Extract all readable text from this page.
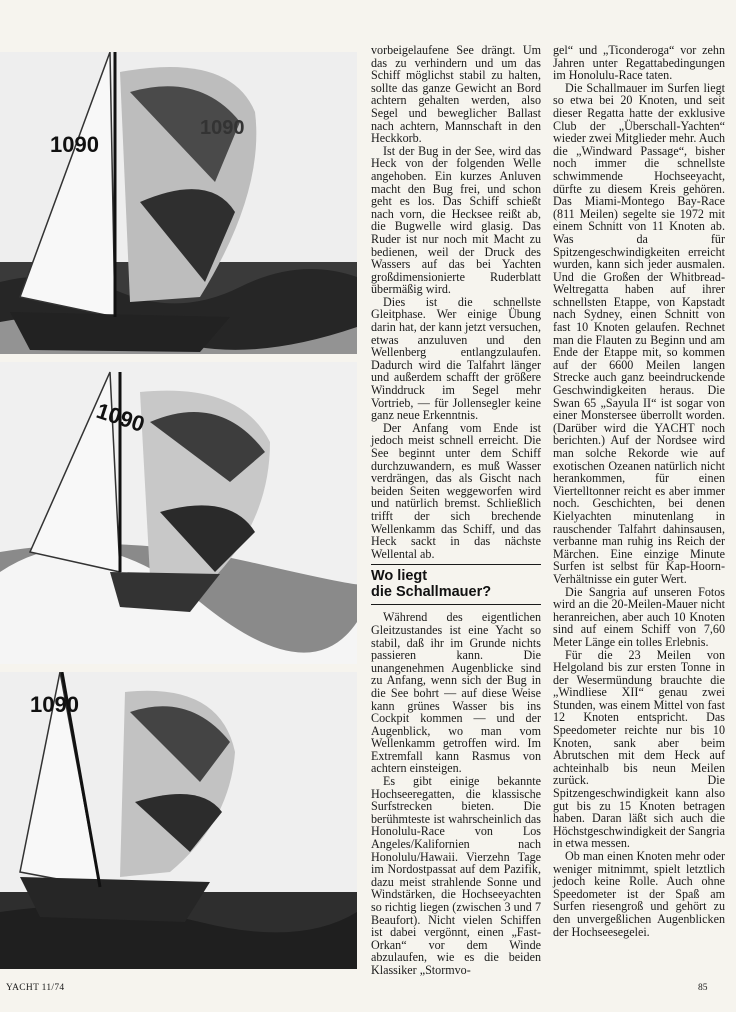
1090
1090
1090
1090

vorbeigelaufene See drängt. Um das zu verhindern und um das Schiff möglichst stabil zu halten, sollte das ganze Gewicht an Bord achtern gehalten werden, also Segel und beweglicher Ballast nach achtern, Mannschaft in den Heckkorb.

Ist der Bug in der See, wird das Heck von der folgenden Welle angehoben. Ein kurzes Anluven macht den Bug frei, und schon geht es los. Das Schiff schießt nach vorn, die Hecksee reißt ab, die Bugwelle wird glasig. Das Ruder ist nur noch mit Macht zu bedienen, weil der Druck des Wassers auf das bei Yachten großdimensionierte Ruderblatt übermäßig wird.

Dies ist die schnellste Gleitphase. Wer einige Übung darin hat, der kann jetzt versuchen, etwas anzuluven und den Wellenberg entlangzulaufen. Dadurch wird die Talfahrt länger und außerdem schafft der größere Winddruck im Segel mehr Vortrieb, — für Jollensegler keine ganz neue Erkenntnis.

Der Anfang vom Ende ist jedoch meist schnell erreicht. Die See beginnt unter dem Schiff durchzuwandern, es muß Wasser verdrängen, das als Gischt nach beiden Seiten weggeworfen wird und natürlich bremst. Schließlich trifft der sich brechende Wellenkamm das Schiff, und das Heck sackt in das nächste Wellental ab.

Wo liegt
die Schallmauer?

Während des eigentlichen Gleitzustandes ist eine Yacht so stabil, daß ihr im Grunde nichts passieren kann. Die unangenehmen Augenblicke sind zu Anfang, wenn sich der Bug in die See bohrt — auf diese Weise kann grünes Wasser bis ins Cockpit kommen — und der Augenblick, wo man vom Wellenkamm getroffen wird. Im Extremfall kann Rasmus von achtern einsteigen.

Es gibt einige bekannte Hochseeregatten, die klassische Surfstrecken bieten. Die berühmteste ist wahrscheinlich das Honolulu-Race von Los Angeles/Kalifornien nach Honolulu/Hawaii. Vierzehn Tage im Nordostpassat auf dem Pazifik, dazu meist strahlende Sonne und Windstärken, die Hochseeyachten so richtig liegen (zwischen 3 und 7 Beaufort). Nicht vielen Schiffen ist dabei vergönnt, einen „Fast-Orkan“ vor dem Winde abzulaufen, wie es die beiden Klassiker „Stormvo-

gel“ und „Ticonderoga“ vor zehn Jahren unter Regattabedingungen im Honolulu-Race taten.

Die Schallmauer im Surfen liegt so etwa bei 20 Knoten, und seit dieser Regatta hatte der exklusive Club der „Überschall-Yachten“ wieder zwei Mitglieder mehr. Auch die „Windward Passage“, bisher noch immer die schnellste schwimmende Hochseeyacht, dürfte zu diesem Kreis gehören. Das Miami-Montego Bay-Race (811 Meilen) segelte sie 1972 mit einem Schnitt von 11 Knoten ab. Was da für Spitzengeschwindigkeiten erreicht wurden, kann sich jeder ausmalen. Und die Großen der Whitbread-Weltregatta haben auf ihrer schnellsten Etappe, von Kapstadt nach Sydney, einen Schnitt von fast 10 Knoten gelaufen. Rechnet man die Flauten zu Beginn und am Ende der Etappe mit, so kommen auf der 6600 Meilen langen Strecke auch ganz beeindruckende Geschwindigkeiten heraus. Die Swan 65 „Sayula II“ ist sogar von einer Monstersee überrollt worden. (Darüber wird die YACHT noch berichten.) Auf der Nordsee wird man solche Rekorde wie auf exotischen Ozeanen natürlich nicht herankommen, für einen Viertelltonner reicht es aber immer noch. Geschichten, bei denen Kielyachten minutenlang in rauschender Talfahrt dahinsausen, verbanne man ruhig ins Reich der Märchen. Eine einzige Minute Surfen ist selbst für Kap-Hoorn-Verhältnisse ein guter Wert.

Die Sangria auf unseren Fotos wird an die 20-Meilen-Mauer nicht heranreichen, aber auch 10 Knoten sind auf einem Schiff von 7,60 Meter Länge ein tolles Erlebnis.

Für die 23 Meilen von Helgoland bis zur ersten Tonne in der Wesermündung brauchte die „Windliese XII“ genau zwei Stunden, was einem Mittel von fast 12 Knoten entspricht. Das Speedometer reichte nur bis 10 Knoten, sank aber beim Abrutschen mit dem Heck auf achteinhalb bis neun Meilen zurück. Die Spitzengeschwindigkeit kann also gut bis zu 15 Knoten betragen haben. Daran läßt sich auch die Höchstgeschwindigkeit der Sangria in etwa messen.

Ob man einen Knoten mehr oder weniger mitnimmt, spielt letztlich jedoch keine Rolle. Auch ohne Speedometer ist der Spaß am Surfen riesengroß und gehört zu den unvergeßlichen Augenblicken der Hochseesegelei.

YACHT 11/74	85
